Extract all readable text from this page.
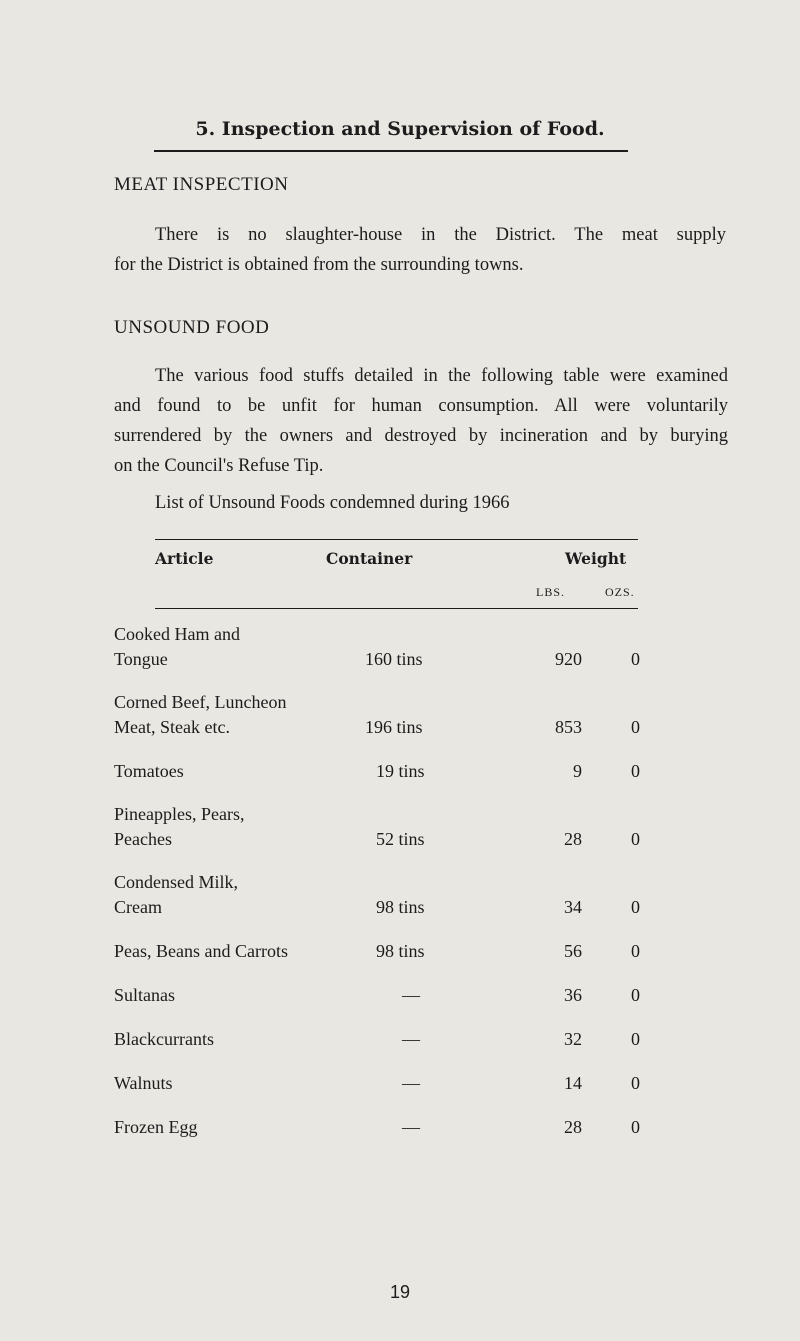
5. Inspection and Supervision of Food.
MEAT INSPECTION

There is no slaughter-house in the District. The meat supply

for the District is obtained from the surrounding towns.

UNSOUND FOOD

The various food stuffs detailed in the following table were examined

and found to be unfit for human consumption. All were voluntarily

surrendered by the owners and destroyed by incineration and by burying

on the Council's Refuse Tip.

List of Unsound Foods condemned during 1966
Article	Container	Weight
LBS.	OZS.
Cooked Ham and
Tongue	160 tins	920	0
Corned Beef, Luncheon
Meat, Steak etc.	196 tins	853	0
Tomatoes	19 tins	9	0
Pineapples, Pears,
Peaches	52 tins	28	0
Condensed Milk,
Cream	98 tins	34	0
Peas, Beans and Carrots	98 tins	56	0
Sultanas	—	36	0
Blackcurrants	—	32	0
Walnuts	—	14	0
Frozen Egg	—	28	0
19
